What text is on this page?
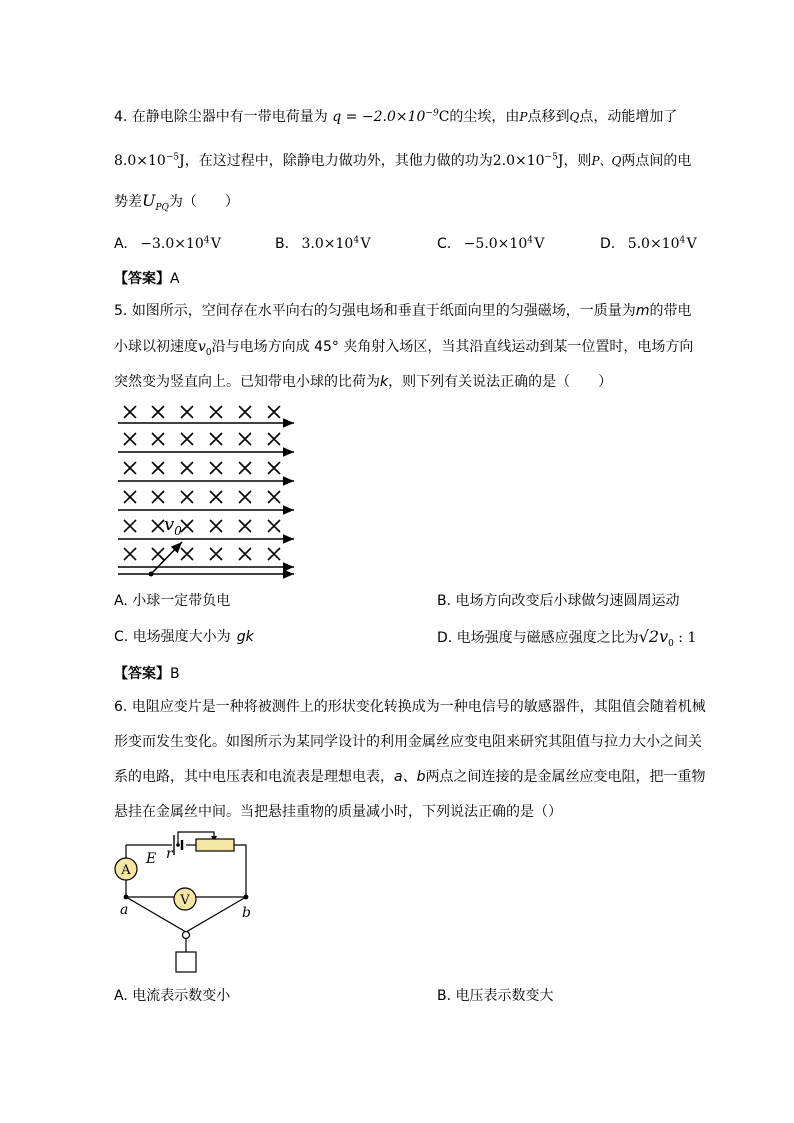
4. 在静电除尘器中有一带电荷量为 $q = -2.0\times 10^{-9}C$的尘埃，由P点移到Q点，动能增加了
$8.0\times 10^{-5}J$，在这过程中，除静电力做功外，其他力做的功为$2.0\times 10^{-5}J$，则P、Q两点间的电
势差$U_{PQ}$为（　　）
A. $-3.0\times 10^4$ V	B. $3.0\times 10^4$ V	C. $-5.0\times 10^4$ V	D. $5.0\times 10^4$ V
【答案】A
5. 如图所示，空间存在水平向右的匀强电场和垂直于纸面向里的匀强磁场，一质量为m的带电
小球以初速度$v_0$沿与电场方向成 45° 夹角射入场区，当其沿直线运动到某一位置时，电场方向
突然变为竖直向上。已知带电小球的比荷为k，则下列有关说法正确的是（　　）
$v_0$
A. 小球一定带负电	B. 电场方向改变后小球做匀速圆周运动
C. 电场强度大小为 gk	D. 电场强度与磁感应强度之比为$√2v_0$ : 1
【答案】B
6. 电阻应变片是一种将被测件上的形状变化转换成为一种电信号的敏感器件，其阻值会随着机械
形变而发生变化。如图所示为某同学设计的利用金属丝应变电阻来研究其阻值与拉力大小之间关
系的电路，其中电压表和电流表是理想电表，a、b两点之间连接的是金属丝应变电阻，把一重物
悬挂在金属丝中间。当把悬挂重物的质量减小时，下列说法正确的是（）
A
V
E r
a	b
A. 电流表示数变小	B. 电压表示数变大
